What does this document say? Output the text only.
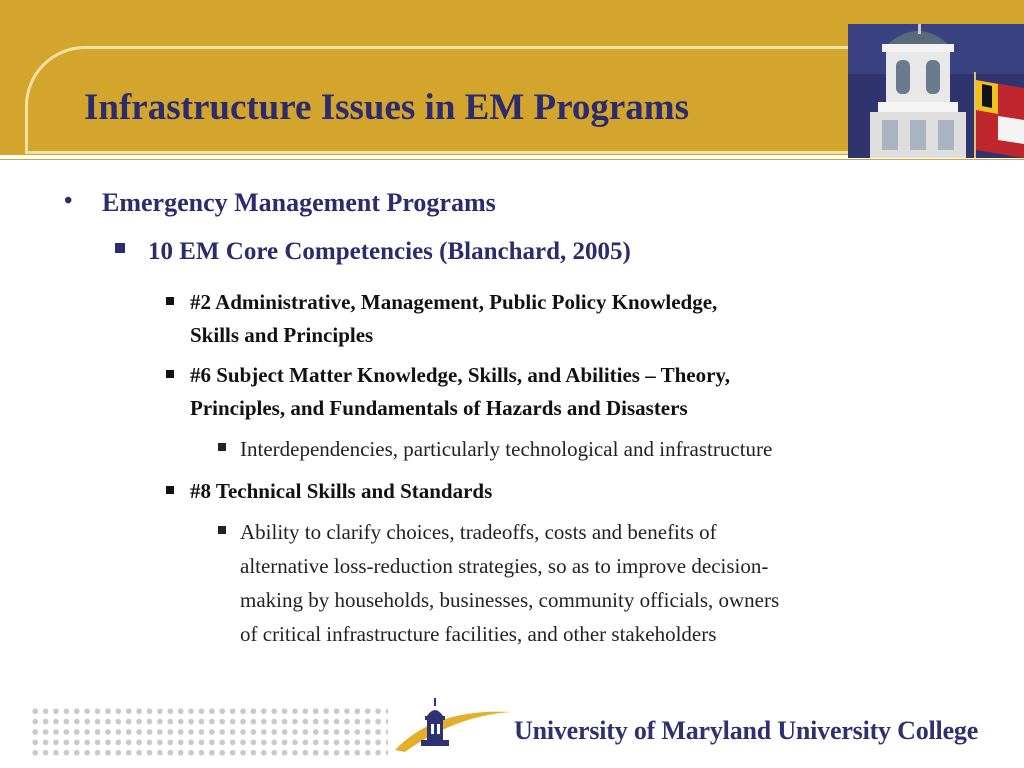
Infrastructure Issues in EM Programs
• Emergency Management Programs
10 EM Core Competencies (Blanchard, 2005)
#2 Administrative, Management, Public Policy Knowledge,
Skills and Principles
#6 Subject Matter Knowledge, Skills, and Abilities – Theory,
Principles, and Fundamentals of Hazards and Disasters
Interdependencies, particularly technological and infrastructure
#8 Technical Skills and Standards
Ability to clarify choices, tradeoffs, costs and benefits of
alternative loss-reduction strategies, so as to improve decision-
making by households, businesses, community officials, owners
of critical infrastructure facilities, and other stakeholders

University of Maryland University College
